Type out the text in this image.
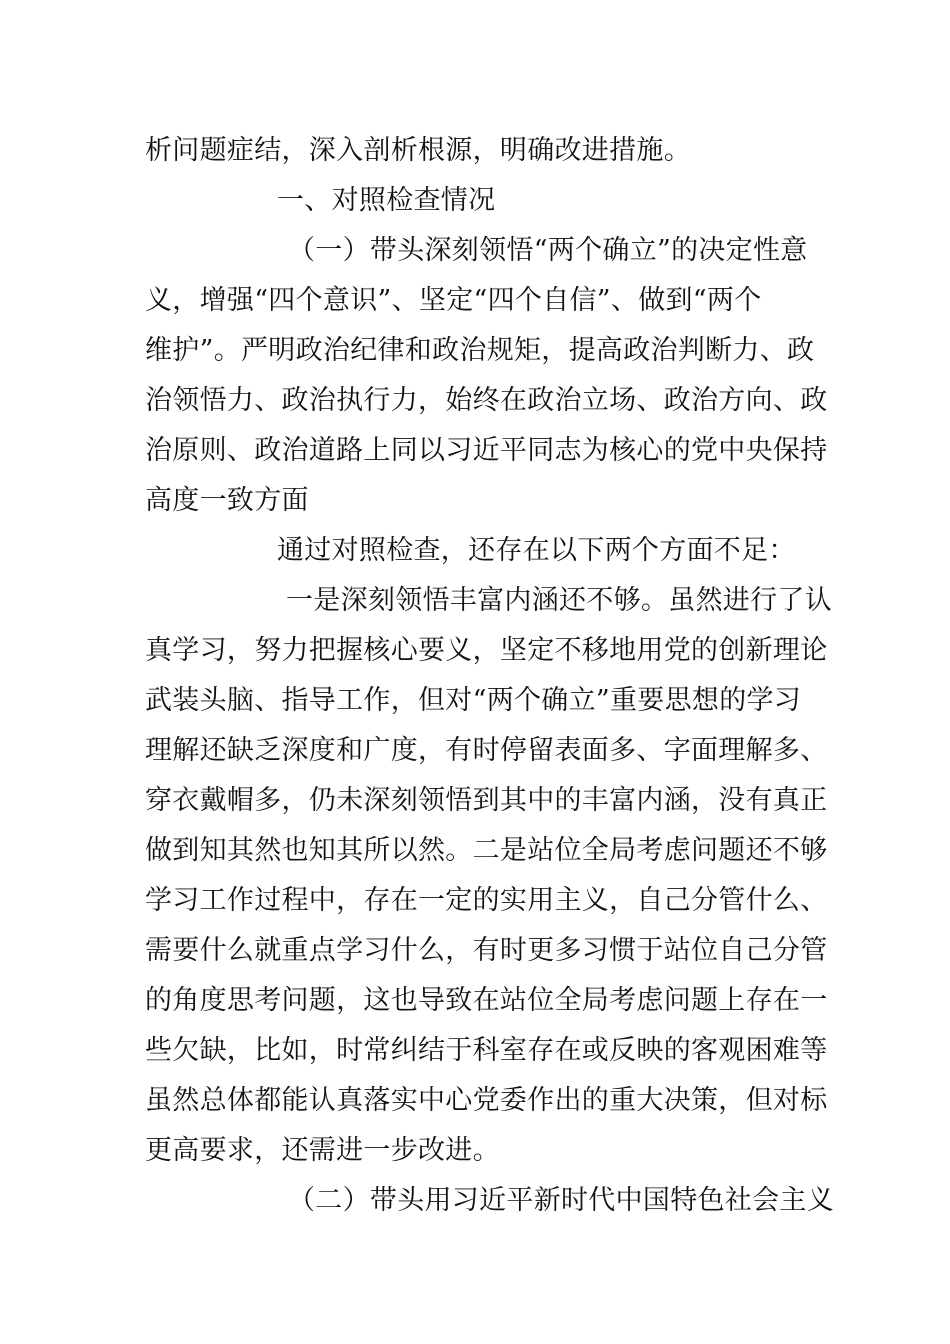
析问题症结，深入剖析根源，明确改进措施。
一、对照检查情况
（一）带头深刻领悟“两个确立”的决定性意
义，增强“四个意识”、坚定“四个自信”、做到“两个
维护”。严明政治纪律和政治规矩，提高政治判断力、政
治领悟力、政治执行力，始终在政治立场、政治方向、政
治原则、政治道路上同以习近平同志为核心的党中央保持
高度一致方面
通过对照检查，还存在以下两个方面不足：
一是深刻领悟丰富内涵还不够。虽然进行了认
真学习，努力把握核心要义，坚定不移地用党的创新理论
武装头脑、指导工作，但对“两个确立”重要思想的学习
理解还缺乏深度和广度，有时停留表面多、字面理解多、
穿衣戴帽多，仍未深刻领悟到其中的丰富内涵，没有真正
做到知其然也知其所以然。二是站位全局考虑问题还不够
学习工作过程中，存在一定的实用主义，自己分管什么、
需要什么就重点学习什么，有时更多习惯于站位自己分管
的角度思考问题，这也导致在站位全局考虑问题上存在一
些欠缺，比如，时常纠结于科室存在或反映的客观困难等
虽然总体都能认真落实中心党委作出的重大决策，但对标
更高要求，还需进一步改进。
（二）带头用习近平新时代中国特色社会主义
